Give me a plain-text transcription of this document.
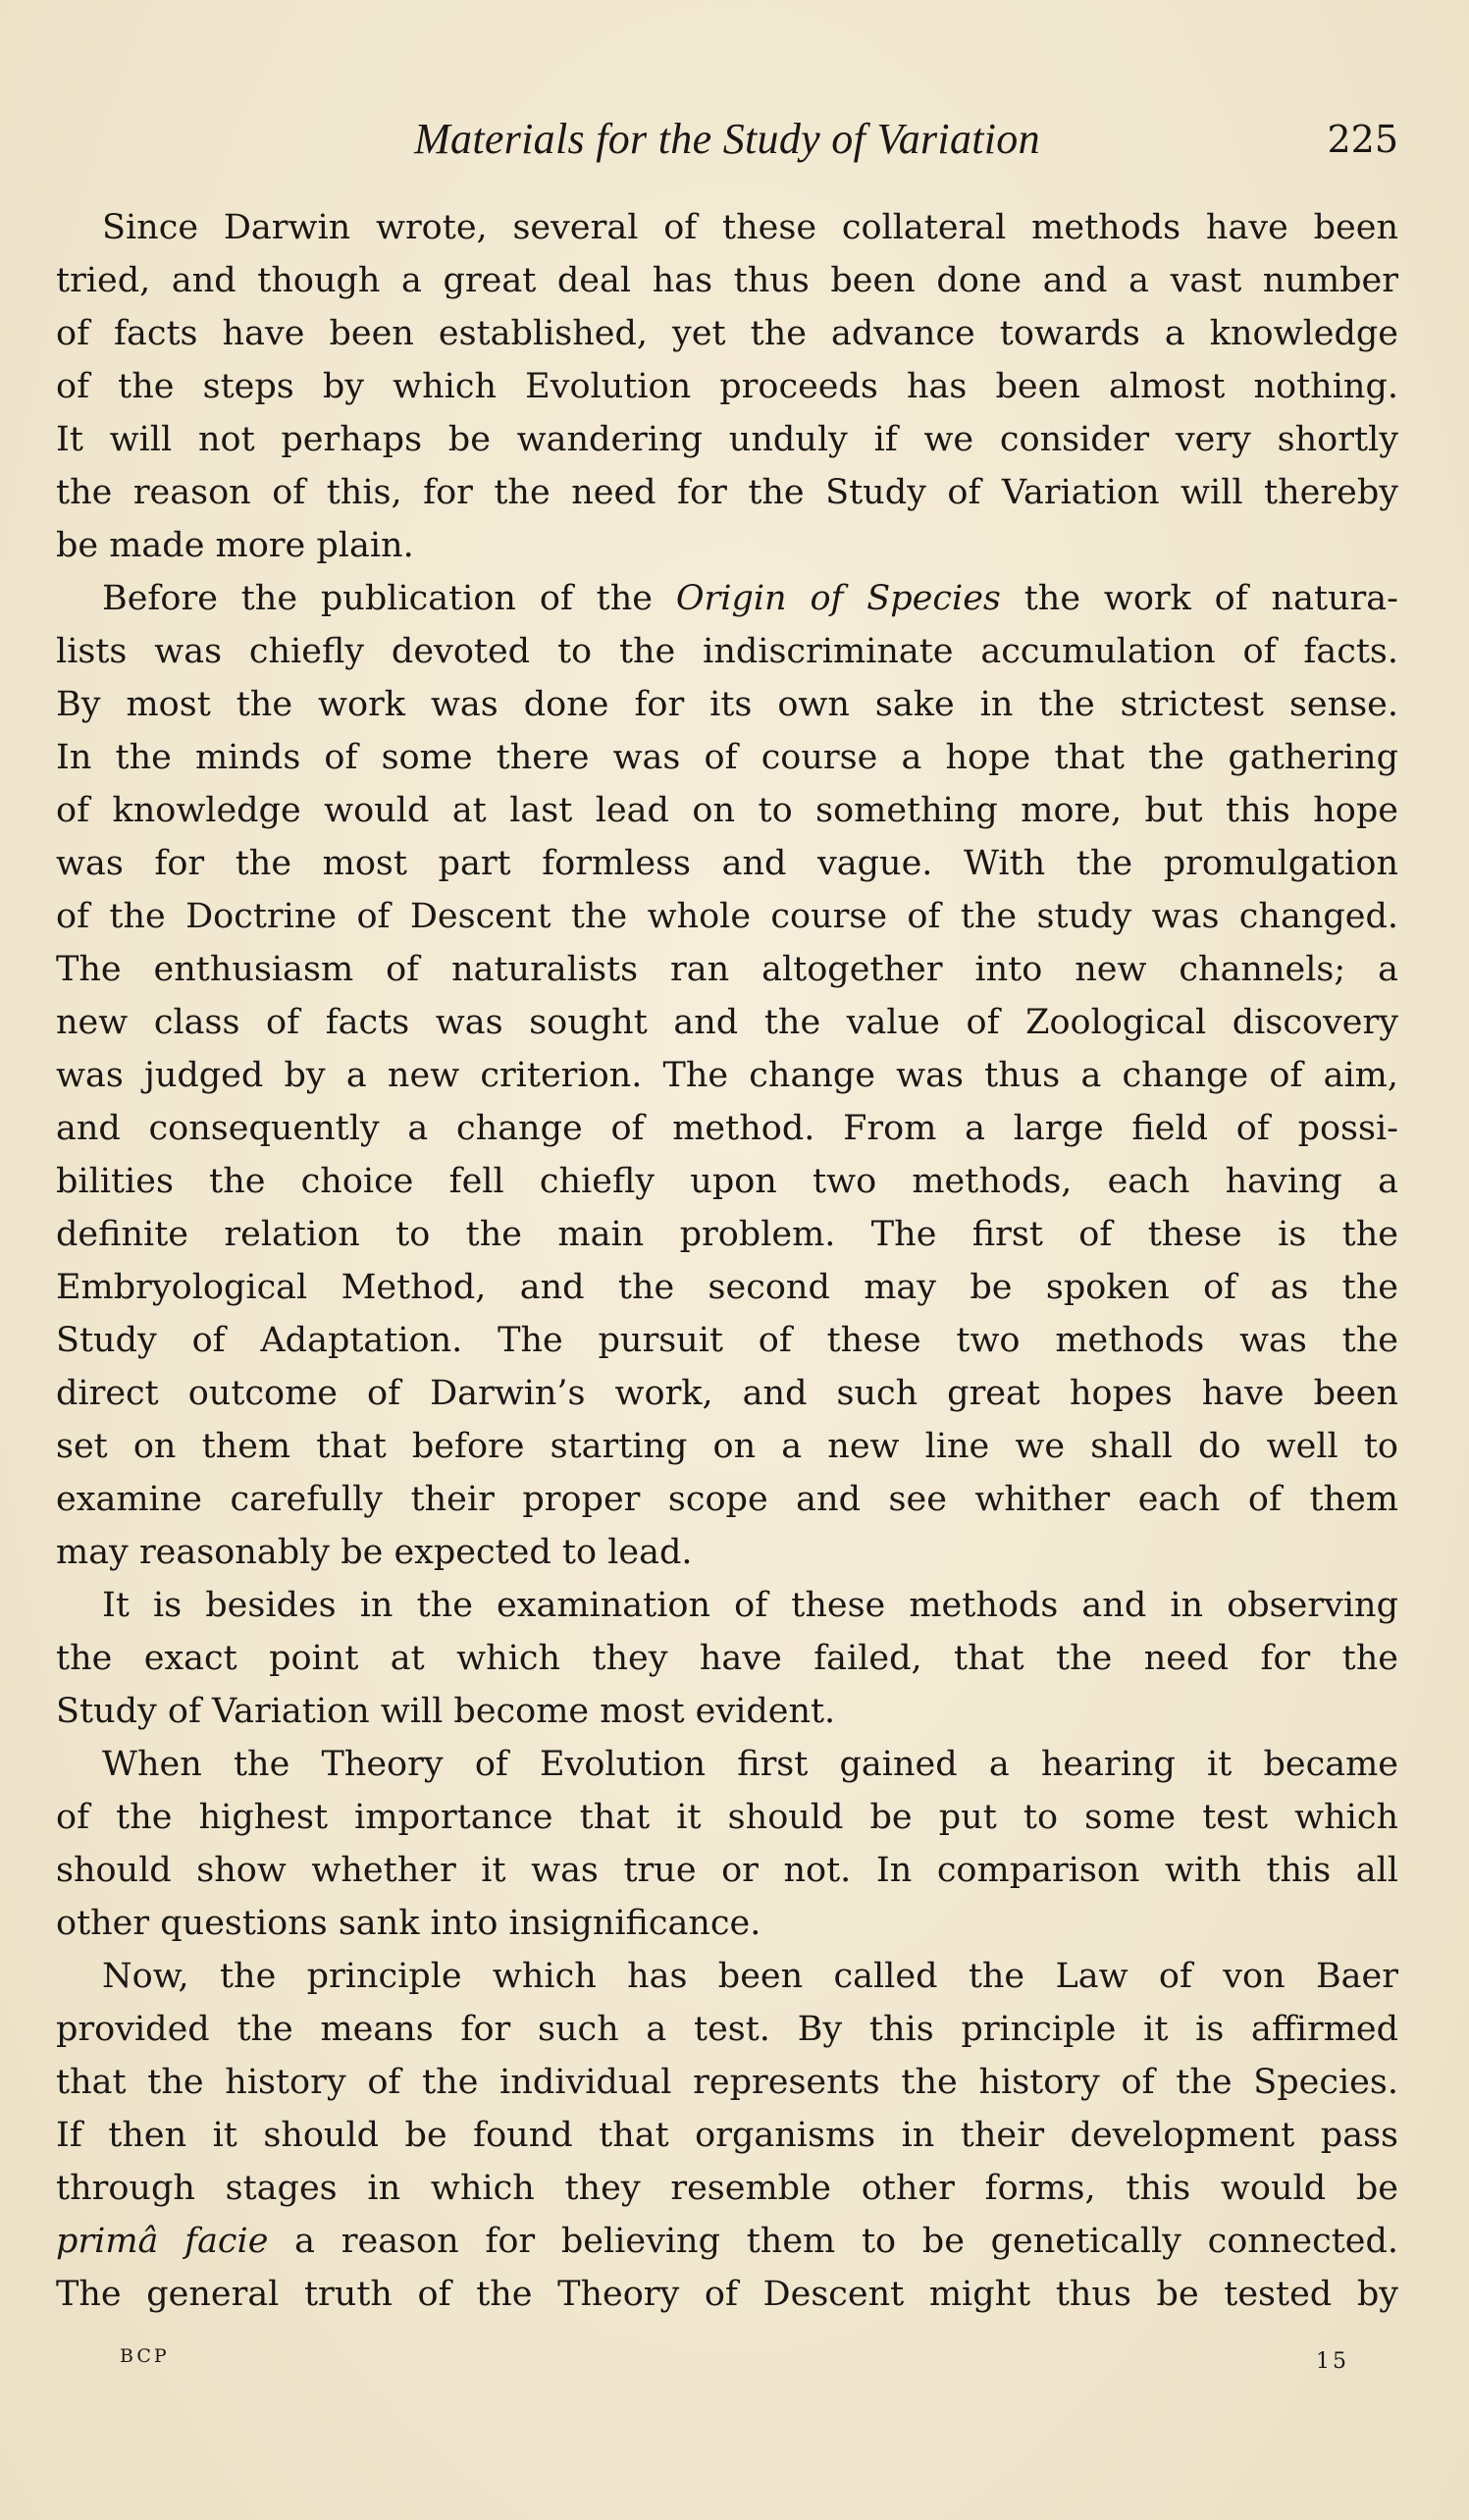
Materials for the Study of Variation	225
Since Darwin wrote, several of these collateral methods have been
tried, and though a great deal has thus been done and a vast number
of facts have been established, yet the advance towards a knowledge
of the steps by which Evolution proceeds has been almost nothing.
It will not perhaps be wandering unduly if we consider very shortly
the reason of this, for the need for the Study of Variation will thereby
be made more plain.
Before the publication of the Origin of Species the work of natura-
lists was chiefly devoted to the indiscriminate accumulation of facts.
By most the work was done for its own sake in the strictest sense.
In the minds of some there was of course a hope that the gathering
of knowledge would at last lead on to something more, but this hope
was for the most part formless and vague. With the promulgation
of the Doctrine of Descent the whole course of the study was changed.
The enthusiasm of naturalists ran altogether into new channels; a
new class of facts was sought and the value of Zoological discovery
was judged by a new criterion. The change was thus a change of aim,
and consequently a change of method. From a large field of possi-
bilities the choice fell chiefly upon two methods, each having a
definite relation to the main problem. The first of these is the
Embryological Method, and the second may be spoken of as the
Study of Adaptation. The pursuit of these two methods was the
direct outcome of Darwin’s work, and such great hopes have been
set on them that before starting on a new line we shall do well to
examine carefully their proper scope and see whither each of them
may reasonably be expected to lead.
It is besides in the examination of these methods and in observing
the exact point at which they have failed, that the need for the
Study of Variation will become most evident.
When the Theory of Evolution first gained a hearing it became
of the highest importance that it should be put to some test which
should show whether it was true or not. In comparison with this all
other questions sank into insignificance.
Now, the principle which has been called the Law of von Baer
provided the means for such a test. By this principle it is affirmed
that the history of the individual represents the history of the Species.
If then it should be found that organisms in their development pass
through stages in which they resemble other forms, this would be
primâ facie a reason for believing them to be genetically connected.
The general truth of the Theory of Descent might thus be tested by
BCP	15
